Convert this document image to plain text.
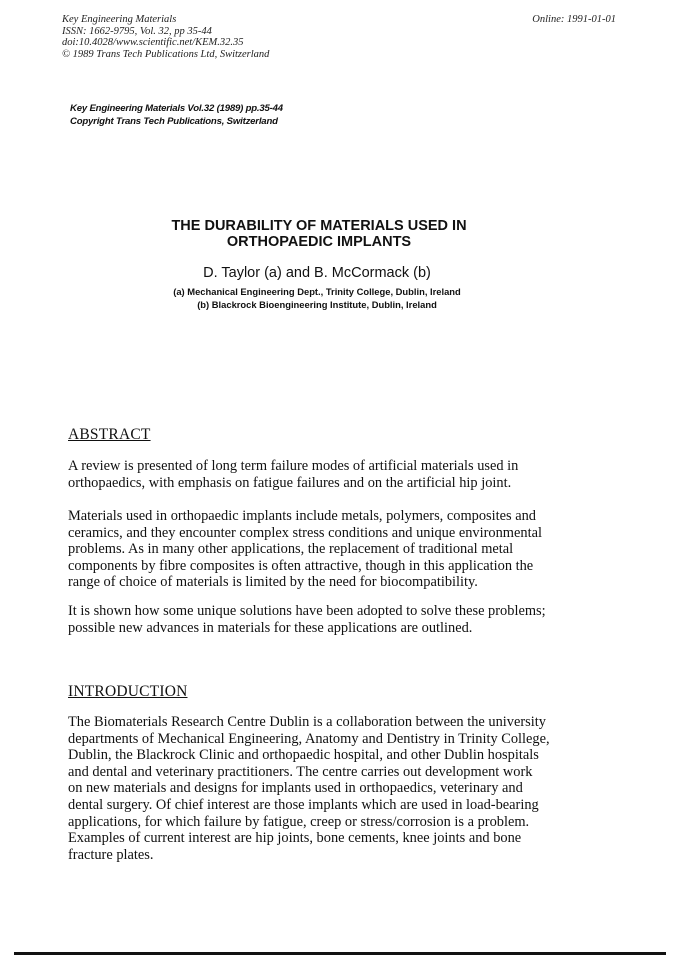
Key Engineering Materials
ISSN: 1662-9795, Vol. 32, pp 35-44
doi:10.4028/www.scientific.net/KEM.32.35
© 1989 Trans Tech Publications Ltd, Switzerland
Online: 1991-01-01
Key Engineering Materials Vol.32 (1989) pp.35-44
Copyright Trans Tech Publications, Switzerland
THE DURABILITY OF MATERIALS USED IN
ORTHOPAEDIC IMPLANTS
D. Taylor (a) and B. McCormack (b)
(a) Mechanical Engineering Dept., Trinity College, Dublin, Ireland
(b) Blackrock Bioengineering Institute, Dublin, Ireland
ABSTRACT
A review is presented of long term failure modes of artificial materials used in
orthopaedics, with emphasis on fatigue failures and on the artificial hip joint.
Materials used in orthopaedic implants include metals, polymers, composites and
ceramics, and they encounter complex stress conditions and unique environmental
problems. As in many other applications, the replacement of traditional metal
components by fibre composites is often attractive, though in this application the
range of choice of materials is limited by the need for biocompatibility.
It is shown how some unique solutions have been adopted to solve these problems;
possible new advances in materials for these applications are outlined.
INTRODUCTION
The Biomaterials Research Centre Dublin is a collaboration between the university
departments of Mechanical Engineering, Anatomy and Dentistry in Trinity College,
Dublin, the Blackrock Clinic and orthopaedic hospital, and other Dublin hospitals
and dental and veterinary practitioners. The centre carries out development work
on new materials and designs for implants used in orthopaedics, veterinary and
dental surgery. Of chief interest are those implants which are used in load-bearing
applications, for which failure by fatigue, creep or stress/corrosion is a problem.
Examples of current interest are hip joints, bone cements, knee joints and bone
fracture plates.
